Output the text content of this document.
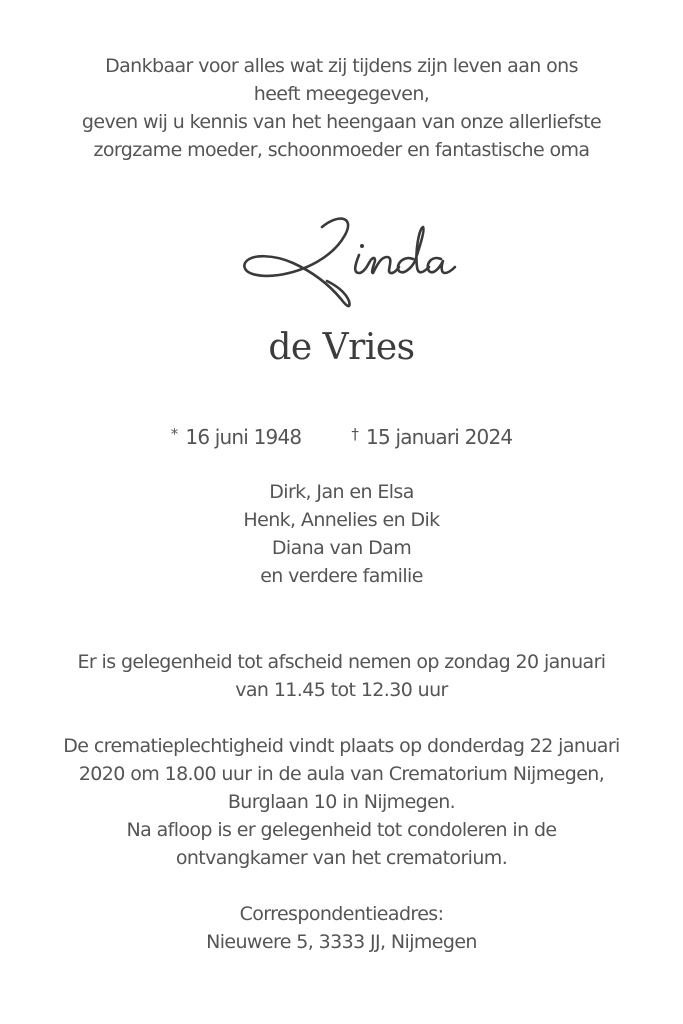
Dankbaar voor alles wat zij tijdens zijn leven aan ons
heeft meegegeven,
geven wij u kennis van het heengaan van onze allerliefste
zorgzame moeder, schoonmoeder en fantastische oma
de Vries
* 16 juni 1948	† 15 januari 2024
Dirk, Jan en Elsa
Henk, Annelies en Dik
Diana van Dam
en verdere familie
Er is gelegenheid tot afscheid nemen op zondag 20 januari
van 11.45 tot 12.30 uur
De crematieplechtigheid vindt plaats op donderdag 22 januari
2020 om 18.00 uur in de aula van Crematorium Nijmegen,
Burglaan 10 in Nijmegen.
Na afloop is er gelegenheid tot condoleren in de
ontvangkamer van het crematorium.
Correspondentieadres:
Nieuwere 5, 3333 JJ, Nijmegen
